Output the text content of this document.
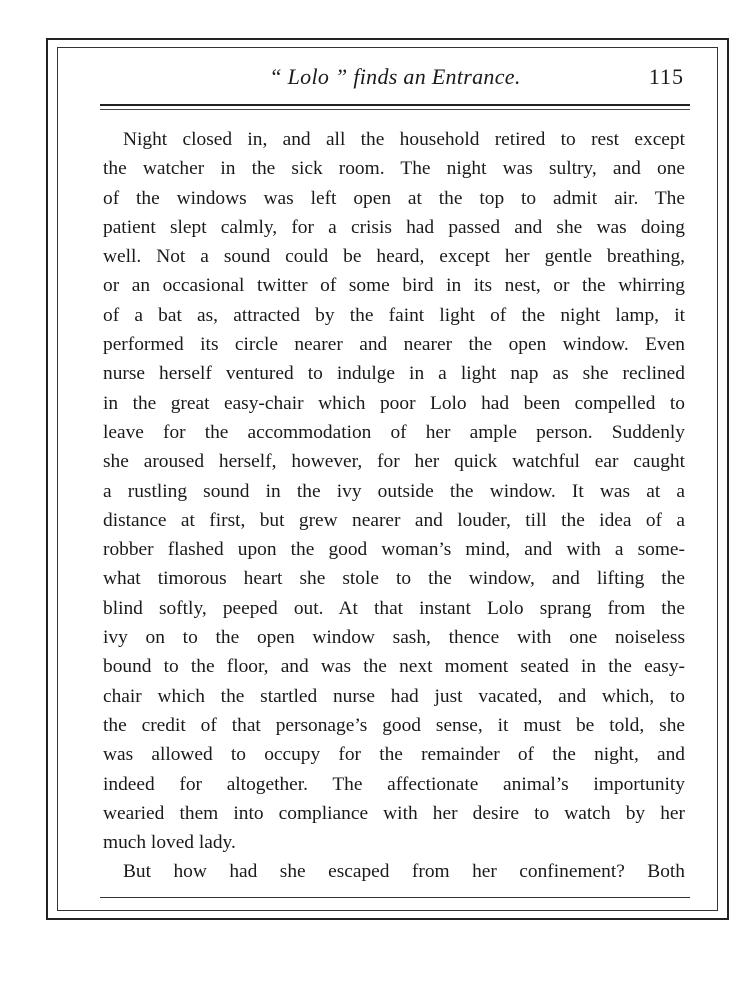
“ Lolo ” finds an Entrance.	115
Night closed in, and all the household retired to rest except
the watcher in the sick room. The night was sultry, and one
of the windows was left open at the top to admit air. The
patient slept calmly, for a crisis had passed and she was doing
well. Not a sound could be heard, except her gentle breathing,
or an occasional twitter of some bird in its nest, or the whirring
of a bat as, attracted by the faint light of the night lamp, it
performed its circle nearer and nearer the open window. Even
nurse herself ventured to indulge in a light nap as she reclined
in the great easy-chair which poor Lolo had been compelled to
leave for the accommodation of her ample person. Suddenly
she aroused herself, however, for her quick watchful ear caught
a rustling sound in the ivy outside the window. It was at a
distance at first, but grew nearer and louder, till the idea of a
robber flashed upon the good woman’s mind, and with a some-
what timorous heart she stole to the window, and lifting the
blind softly, peeped out. At that instant Lolo sprang from the
ivy on to the open window sash, thence with one noiseless
bound to the floor, and was the next moment seated in the easy-
chair which the startled nurse had just vacated, and which, to
the credit of that personage’s good sense, it must be told, she
was allowed to occupy for the remainder of the night, and
indeed for altogether. The affectionate animal’s importunity
wearied them into compliance with her desire to watch by her
much loved lady.
But how had she escaped from her confinement? Both
